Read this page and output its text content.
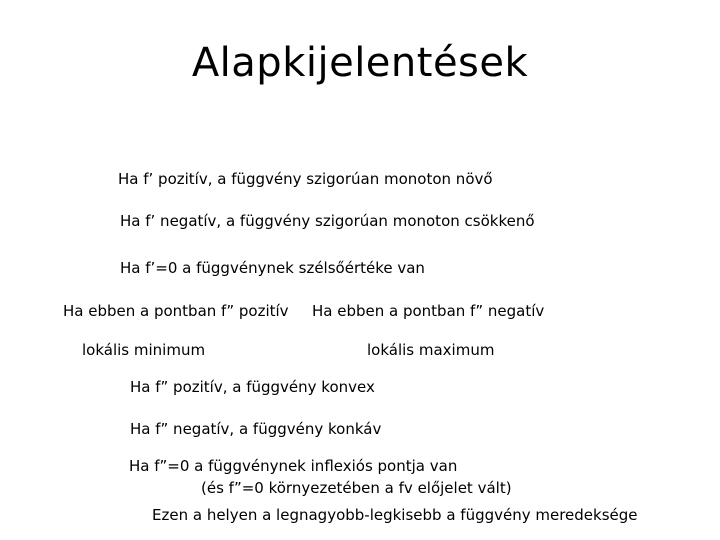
Alapkijelentések
Ha f’ pozitív, a függvény szigorúan monoton növő
Ha f’ negatív, a függvény szigorúan monoton csökkenő
Ha f’=0 a függvénynek szélsőértéke van
Ha ebben a pontban f” pozitív Ha ebben a pontban f” negatív
lokális minimum	lokális maximum
Ha f” pozitív, a függvény konvex
Ha f” negatív, a függvény konkáv
Ha f”=0 a függvénynek inflexiós pontja van
(és f”=0 környezetében a fv előjelet vált)
Ezen a helyen a legnagyobb-legkisebb a függvény meredeksége
